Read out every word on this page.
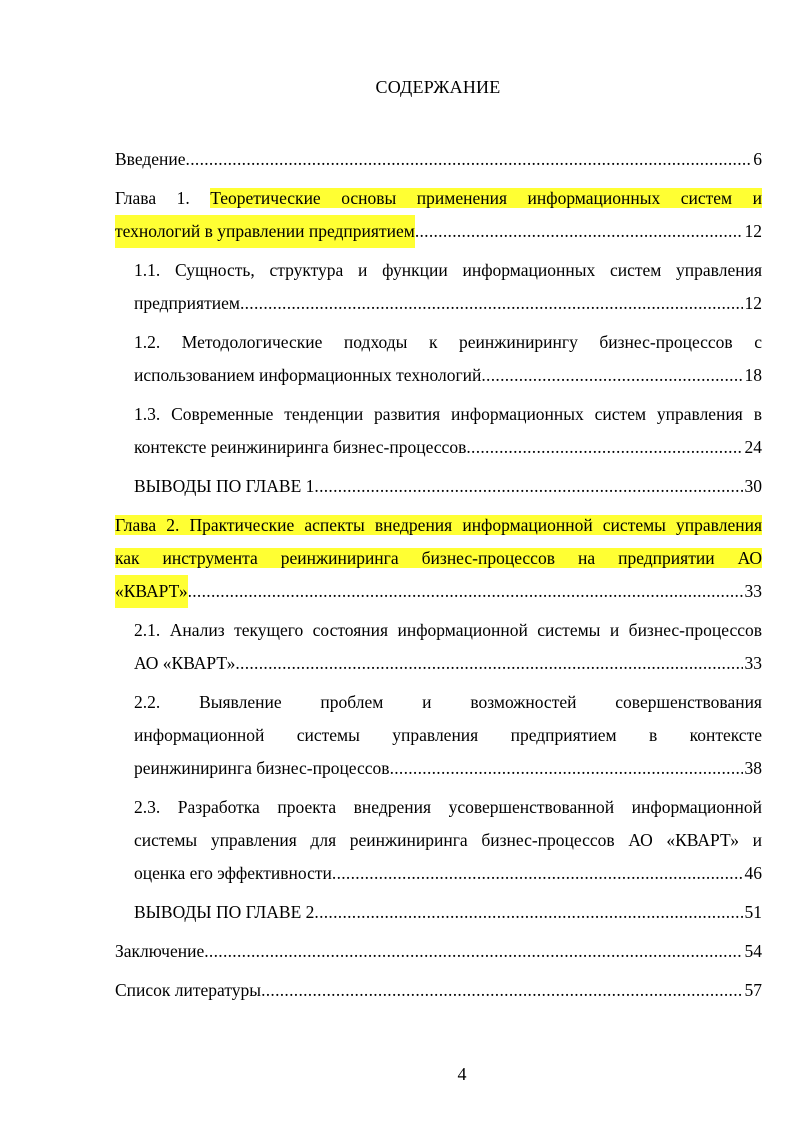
СОДЕРЖАНИЕ
Введение .....	6
Глава 1. Теоретические основы применения информационных систем и
технологий в управлении предприятием .....	12
1.1. Сущность, структура и функции информационных систем управления
предприятием .....	12
1.2. Методологические подходы к реинжинирингу бизнес-процессов с
использованием информационных технологий .....	18
1.3. Современные тенденции развития информационных систем управления в
контексте реинжиниринга бизнес-процессов .....	24
ВЫВОДЫ ПО ГЛАВЕ 1 .....	30
Глава 2. Практические аспекты внедрения информационной системы управления
как инструмента реинжиниринга бизнес-процессов на предприятии АО
«КВАРТ» .....	33
2.1. Анализ текущего состояния информационной системы и бизнес-процессов
АО «КВАРТ» .....	33
2.2. Выявление проблем и возможностей совершенствования
информационной системы управления предприятием в контексте
реинжиниринга бизнес-процессов .....	38
2.3. Разработка проекта внедрения усовершенствованной информационной
системы управления для реинжиниринга бизнес-процессов АО «КВАРТ» и
оценка его эффективности .....	46
ВЫВОДЫ ПО ГЛАВЕ 2 .....	51
Заключение .....	54
Список литературы .....	57
4
